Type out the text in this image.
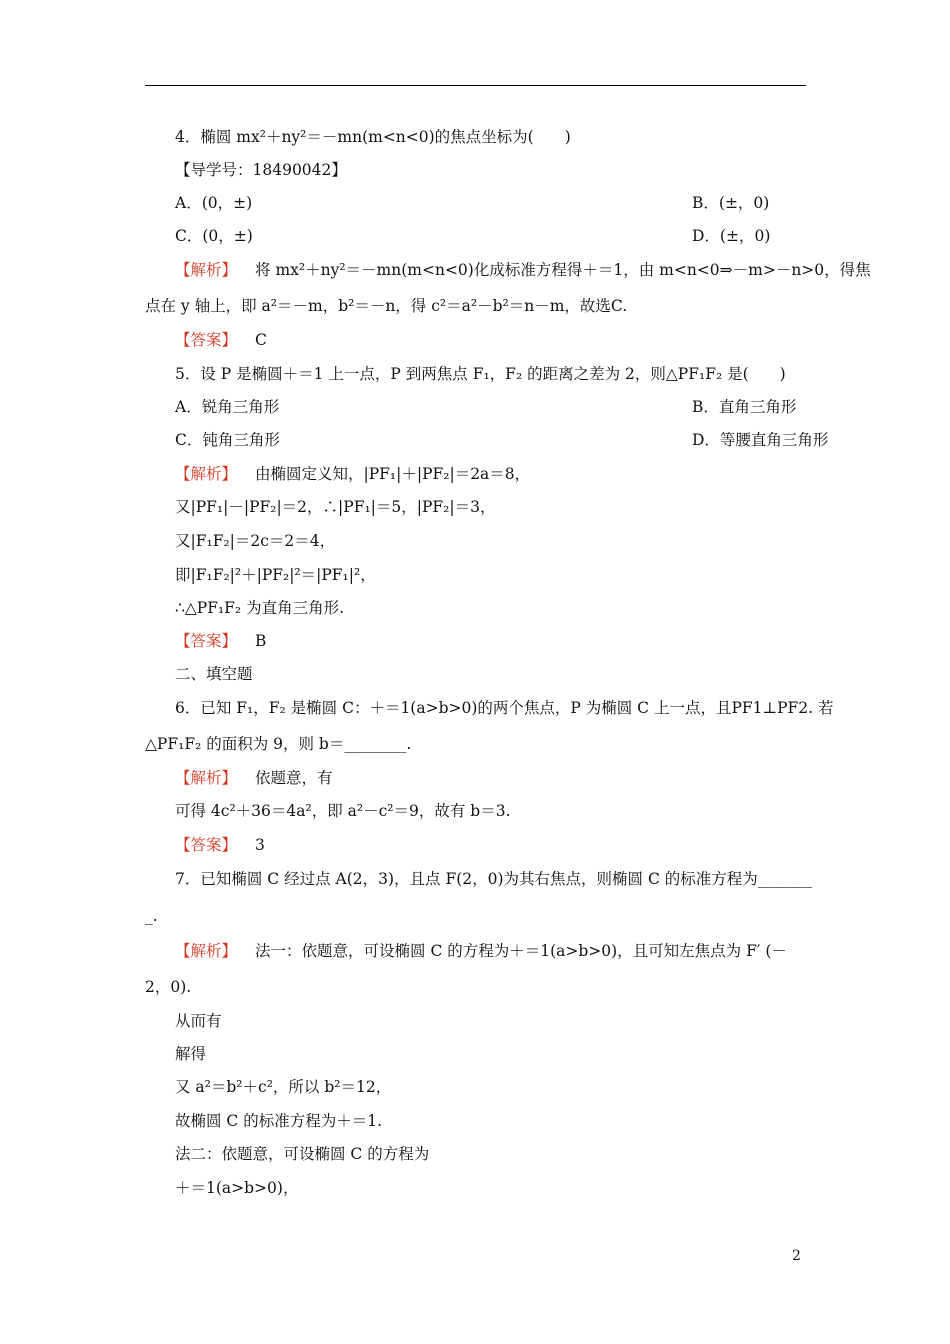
4．椭圆 mx²＋ny²＝－mn(m<n<0)的焦点坐标为(　　)
【导学号：18490042】
A．(0，±)	B．(±，0)
C．(0，±)	D．(±，0)
【解析】 将 mx²＋ny²＝－mn(m<n<0)化成标准方程得＋＝1，由 m<n<0⇒－m>－n>0，得焦
点在 y 轴上，即 a²＝－m，b²＝－n，得 c²＝a²－b²＝n－m，故选C.
【答案】 C
5．设 P 是椭圆＋＝1 上一点，P 到两焦点 F₁，F₂ 的距离之差为 2，则△PF₁F₂ 是(　　)
A．锐角三角形	B．直角三角形
C．钝角三角形	D．等腰直角三角形
【解析】 由椭圆定义知，|PF₁|＋|PF₂|＝2a＝8，
又|PF₁|－|PF₂|＝2，∴|PF₁|＝5，|PF₂|＝3，
又|F₁F₂|＝2c＝2＝4，
即|F₁F₂|²＋|PF₂|²＝|PF₁|²，
∴△PF₁F₂ 为直角三角形.
【答案】 B
二、填空题
6．已知 F₁，F₂ 是椭圆 C：＋＝1(a>b>0)的两个焦点，P 为椭圆 C 上一点，且PF1⊥PF2. 若
△PF₁F₂ 的面积为 9，则 b＝________.
【解析】 依题意，有
可得 4c²＋36＝4a²，即 a²－c²＝9，故有 b＝3.
【答案】 3
7．已知椭圆 C 经过点 A(2，3)，且点 F(2，0)为其右焦点，则椭圆 C 的标准方程为_______
_.
【解析】 法一：依题意，可设椭圆 C 的方程为＋＝1(a>b>0)，且可知左焦点为 F′ (－
2，0).
从而有
解得
又 a²＝b²＋c²，所以 b²＝12，
故椭圆 C 的标准方程为＋＝1.
法二：依题意，可设椭圆 C 的方程为
＋＝1(a>b>0)，
2
